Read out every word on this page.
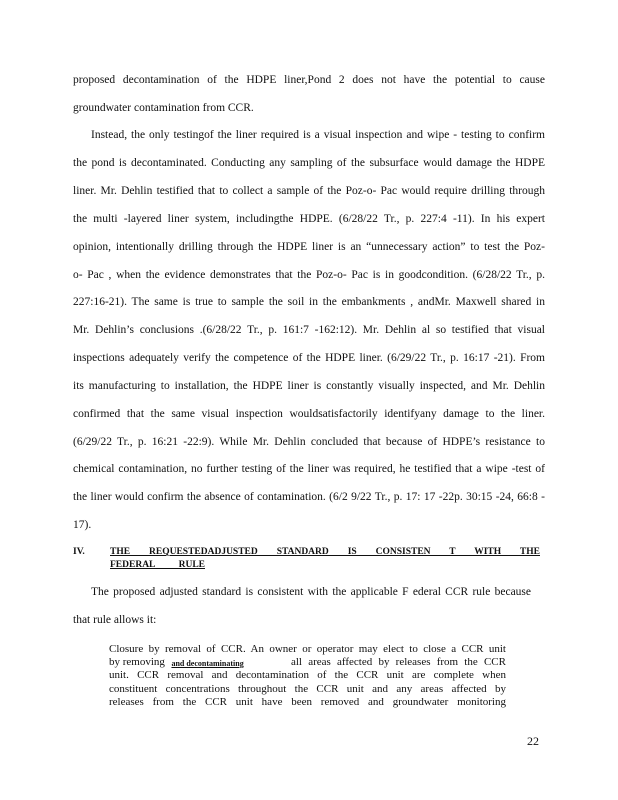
proposed decontamination of the HDPE liner,Pond 2 does not have the potential to cause
groundwater contamination from CCR.
Instead, the only testingof the liner required is a visual inspection and wipe - testing to confirm
the pond is decontaminated. Conducting any sampling of the subsurface would damage the HDPE
liner. Mr. Dehlin testified that to collect a sample of the Poz-o- Pac would require drilling through
the multi -layered liner system, includingthe HDPE. (6/28/22 Tr., p. 227:4 -11). In his expert
opinion, intentionally drilling through the HDPE liner is an “unnecessary action” to test the Poz-
o- Pac , when the evidence demonstrates that the Poz-o- Pac is in goodcondition. (6/28/22 Tr., p.
227:16-21). The same is true to sample the soil in the embankments , andMr. Maxwell shared in
Mr. Dehlin’s conclusions .(6/28/22 Tr., p. 161:7 -162:12). Mr. Dehlin al so testified that visual
inspections adequately verify the competence of the HDPE liner. (6/29/22 Tr., p. 16:17 -21). From
its manufacturing to installation, the HDPE liner is constantly visually inspected, and Mr. Dehlin
confirmed that the same visual inspection wouldsatisfactorily identifyany damage to the liner.
(6/29/22 Tr., p. 16:21 -22:9). While Mr. Dehlin concluded that because of HDPE’s resistance to
chemical contamination, no further testing of the liner was required, he testified that a wipe -test of
the liner would confirm the absence of contamination. (6/2 9/22 Tr., p. 17: 17 -22p. 30:15 -24, 66:8 -
17).
IV.	THE REQUESTEDADJUSTED STANDARD IS CONSISTEN T WITH THE
FEDERAL RULE
The proposed adjusted standard is consistent with the applicable F ederal CCR rule because
that rule allows it:
Closure by removal of CCR. An owner or operator may elect to close a CCR unit
by removing and decontaminating	all areas affected by releases from the CCR
unit. CCR removal and decontamination of the CCR unit are complete when
constituent concentrations throughout the CCR unit and any areas affected by
releases from the CCR unit have been removed and groundwater monitoring
22
